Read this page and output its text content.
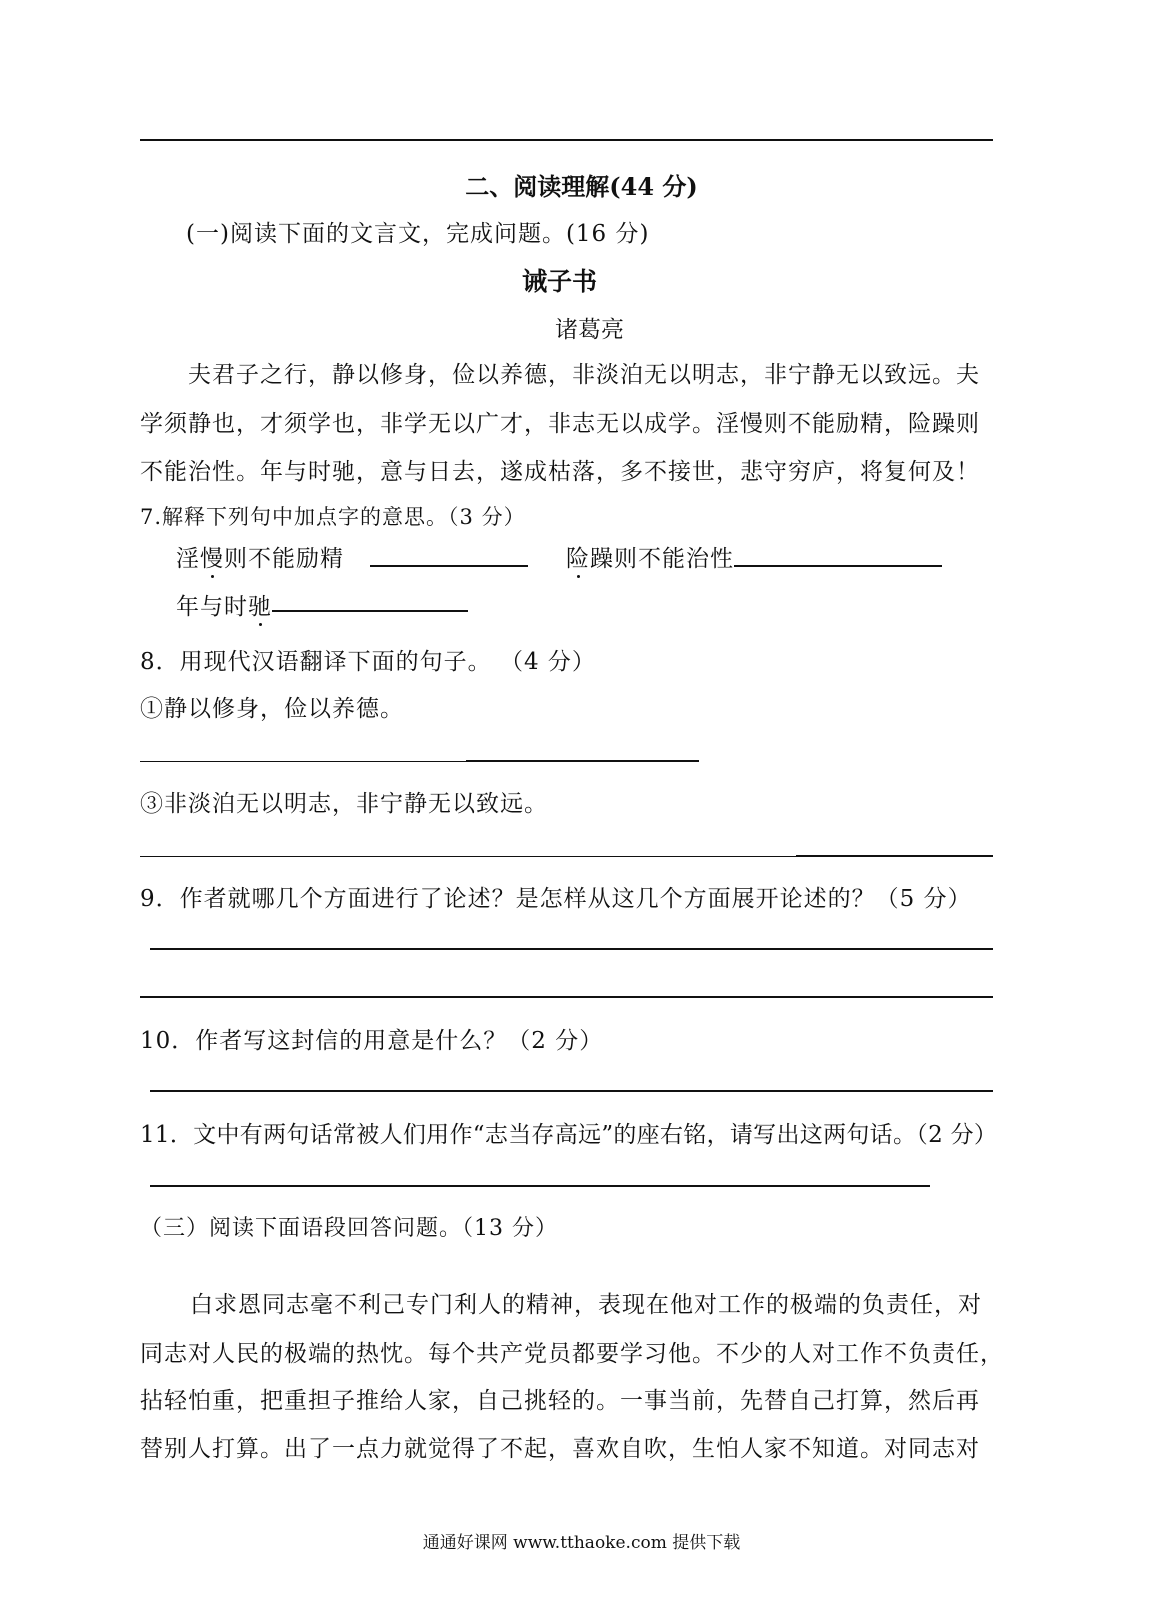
二、阅读理解(44 分)
(一)阅读下面的文言文，完成问题。(16 分)
诫子书
诸葛亮
夫君子之行，静以修身，俭以养德，非淡泊无以明志，非宁静无以致远。夫
学须静也，才须学也，非学无以广才，非志无以成学。淫慢则不能励精，险躁则
不能治性。年与时驰，意与日去，遂成枯落，多不接世，悲守穷庐，将复何及！
7.解释下列句中加点字的意思。（3 分）
淫慢则不能励精	险躁则不能治性
年与时驰
8．用现代汉语翻译下面的句子。 （4 分）
①静以修身，俭以养德。
③非淡泊无以明志，非宁静无以致远。
9．作者就哪几个方面进行了论述？是怎样从这几个方面展开论述的？（5 分）
10．作者写这封信的用意是什么？（2 分）
11．文中有两句话常被人们用作“志当存高远”的座右铭，请写出这两句话。（2 分）
（三）阅读下面语段回答问题。（13 分）
白求恩同志毫不利己专门利人的精神，表现在他对工作的极端的负责任，对
同志对人民的极端的热忱。每个共产党员都要学习他。不少的人对工作不负责任，
拈轻怕重，把重担子推给人家，自己挑轻的。一事当前，先替自己打算，然后再
替别人打算。出了一点力就觉得了不起，喜欢自吹，生怕人家不知道。对同志对
通通好课网 www.tthaoke.com 提供下载
